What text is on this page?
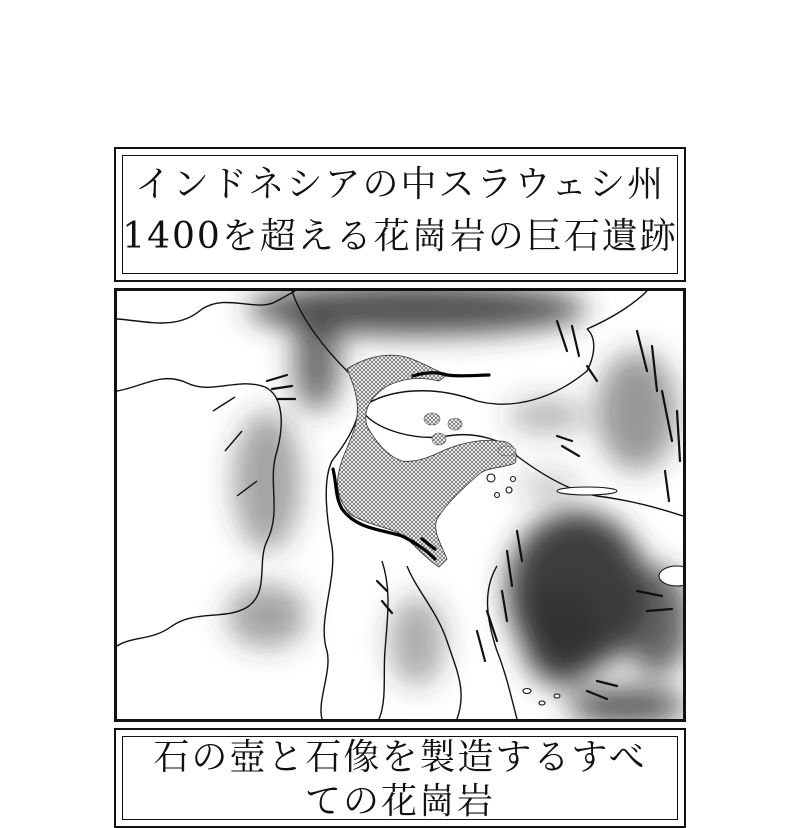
インドネシアの中スラウェシ州
1400を超える花崗岩の巨石遺跡
石の壺と石像を製造するすべ
ての花崗岩
